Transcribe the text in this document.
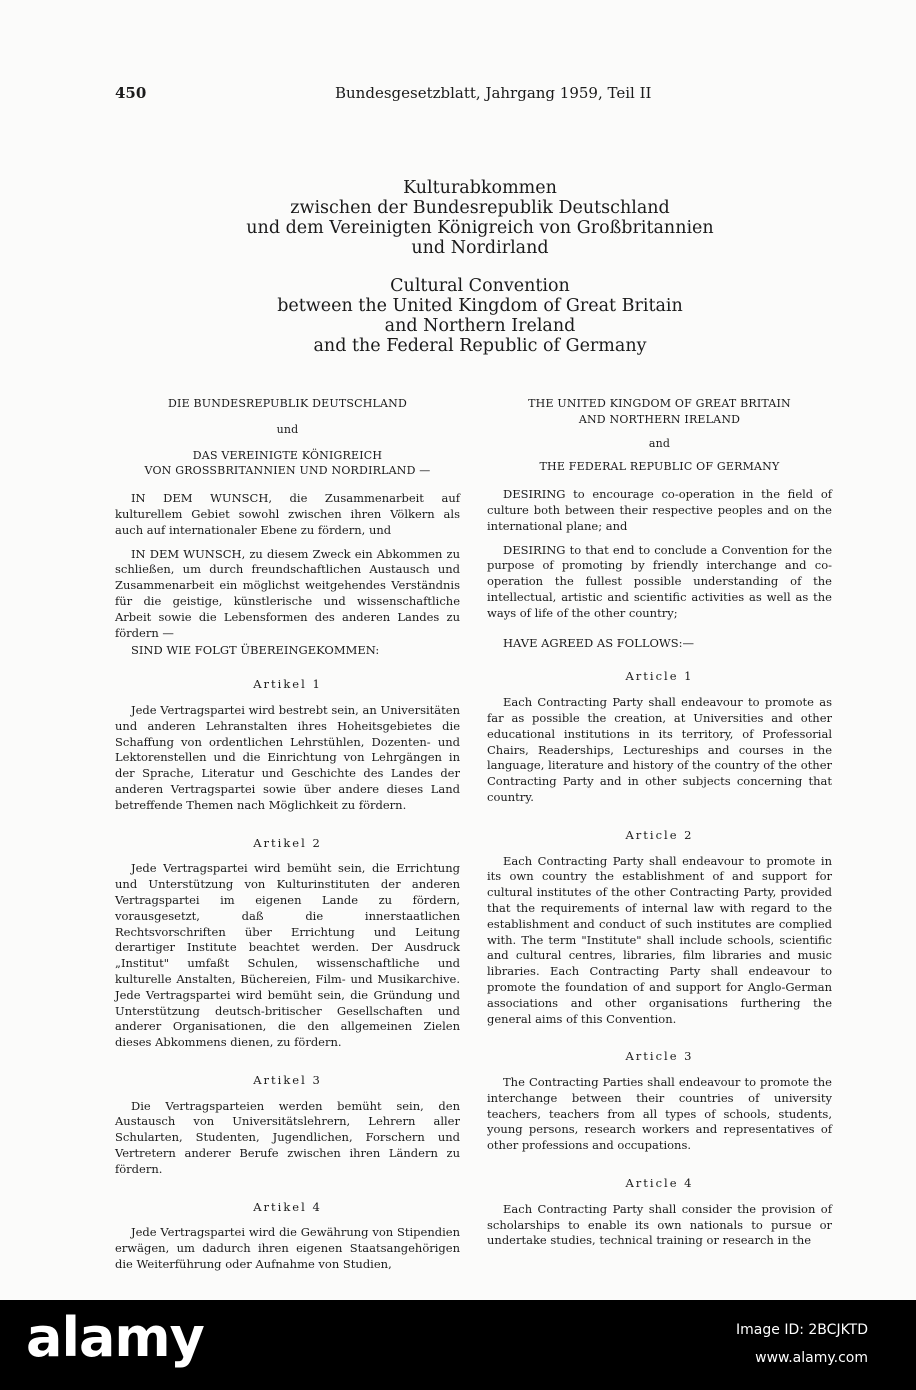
450	Bundesgesetzblatt, Jahrgang 1959, Teil II
Kulturabkommen
zwischen der Bundesrepublik Deutschland
und dem Vereinigten Königreich von Großbritannien
und Nordirland
Cultural Convention
between the United Kingdom of Great Britain
and Northern Ireland
and the Federal Republic of Germany
DIE BUNDESREPUBLIK DEUTSCHLAND
und
DAS VEREINIGTE KÖNIGREICH
VON GROSSBRITANNIEN UND NORDIRLAND —

IN DEM WUNSCH, die Zusammenarbeit auf kulturellem Gebiet sowohl zwischen ihren Völkern als auch auf internationaler Ebene zu fördern, und

IN DEM WUNSCH, zu diesem Zweck ein Abkommen zu schließen, um durch freundschaftlichen Austausch und Zusammenarbeit ein möglichst weitgehendes Verständnis für die geistige, künstlerische und wissenschaftliche Arbeit sowie die Lebensformen des anderen Landes zu fördern —

SIND WIE FOLGT ÜBEREINGEKOMMEN:

Artikel 1

Jede Vertragspartei wird bestrebt sein, an Universitäten und anderen Lehranstalten ihres Hoheitsgebietes die Schaffung von ordentlichen Lehrstühlen, Dozenten- und Lektorenstellen und die Einrichtung von Lehrgängen in der Sprache, Literatur und Geschichte des Landes der anderen Vertragspartei sowie über andere dieses Land betreffende Themen nach Möglichkeit zu fördern.

Artikel 2

Jede Vertragspartei wird bemüht sein, die Errichtung und Unterstützung von Kulturinstituten der anderen Vertragspartei im eigenen Lande zu fördern, vorausgesetzt, daß die innerstaatlichen Rechtsvorschriften über Errichtung und Leitung derartiger Institute beachtet werden. Der Ausdruck „Institut" umfaßt Schulen, wissenschaftliche und kulturelle Anstalten, Büchereien, Film- und Musikarchive. Jede Vertragspartei wird bemüht sein, die Gründung und Unterstützung deutsch-britischer Gesellschaften und anderer Organisationen, die den allgemeinen Zielen dieses Abkommens dienen, zu fördern.

Artikel 3

Die Vertragsparteien werden bemüht sein, den Austausch von Universitätslehrern, Lehrern aller Schularten, Studenten, Jugendlichen, Forschern und Vertretern anderer Berufe zwischen ihren Ländern zu fördern.

Artikel 4

Jede Vertragspartei wird die Gewährung von Stipendien erwägen, um dadurch ihren eigenen Staatsangehörigen die Weiterführung oder Aufnahme von Studien,

THE UNITED KINGDOM OF GREAT BRITAIN
AND NORTHERN IRELAND
and
THE FEDERAL REPUBLIC OF GERMANY

DESIRING to encourage co-operation in the field of culture both between their respective peoples and on the international plane; and

DESIRING to that end to conclude a Convention for the purpose of promoting by friendly interchange and co-operation the fullest possible understanding of the intellectual, artistic and scientific activities as well as the ways of life of the other country;

HAVE AGREED AS FOLLOWS:—

Article 1

Each Contracting Party shall endeavour to promote as far as possible the creation, at Universities and other educational institutions in its territory, of Professorial Chairs, Readerships, Lectureships and courses in the language, literature and history of the country of the other Contracting Party and in other subjects concerning that country.

Article 2

Each Contracting Party shall endeavour to promote in its own country the establishment of and support for cultural institutes of the other Contracting Party, provided that the requirements of internal law with regard to the establishment and conduct of such institutes are complied with. The term "Institute" shall include schools, scientific and cultural centres, libraries, film libraries and music libraries. Each Contracting Party shall endeavour to promote the foundation of and support for Anglo-German associations and other organisations furthering the general aims of this Convention.

Article 3

The Contracting Parties shall endeavour to promote the interchange between their countries of university teachers, teachers from all types of schools, students, young persons, research workers and representatives of other professions and occupations.

Article 4

Each Contracting Party shall consider the provision of scholarships to enable its own nationals to pursue or undertake studies, technical training or research in the

alamy	Image ID: 2BCJKTD
www.alamy.com
